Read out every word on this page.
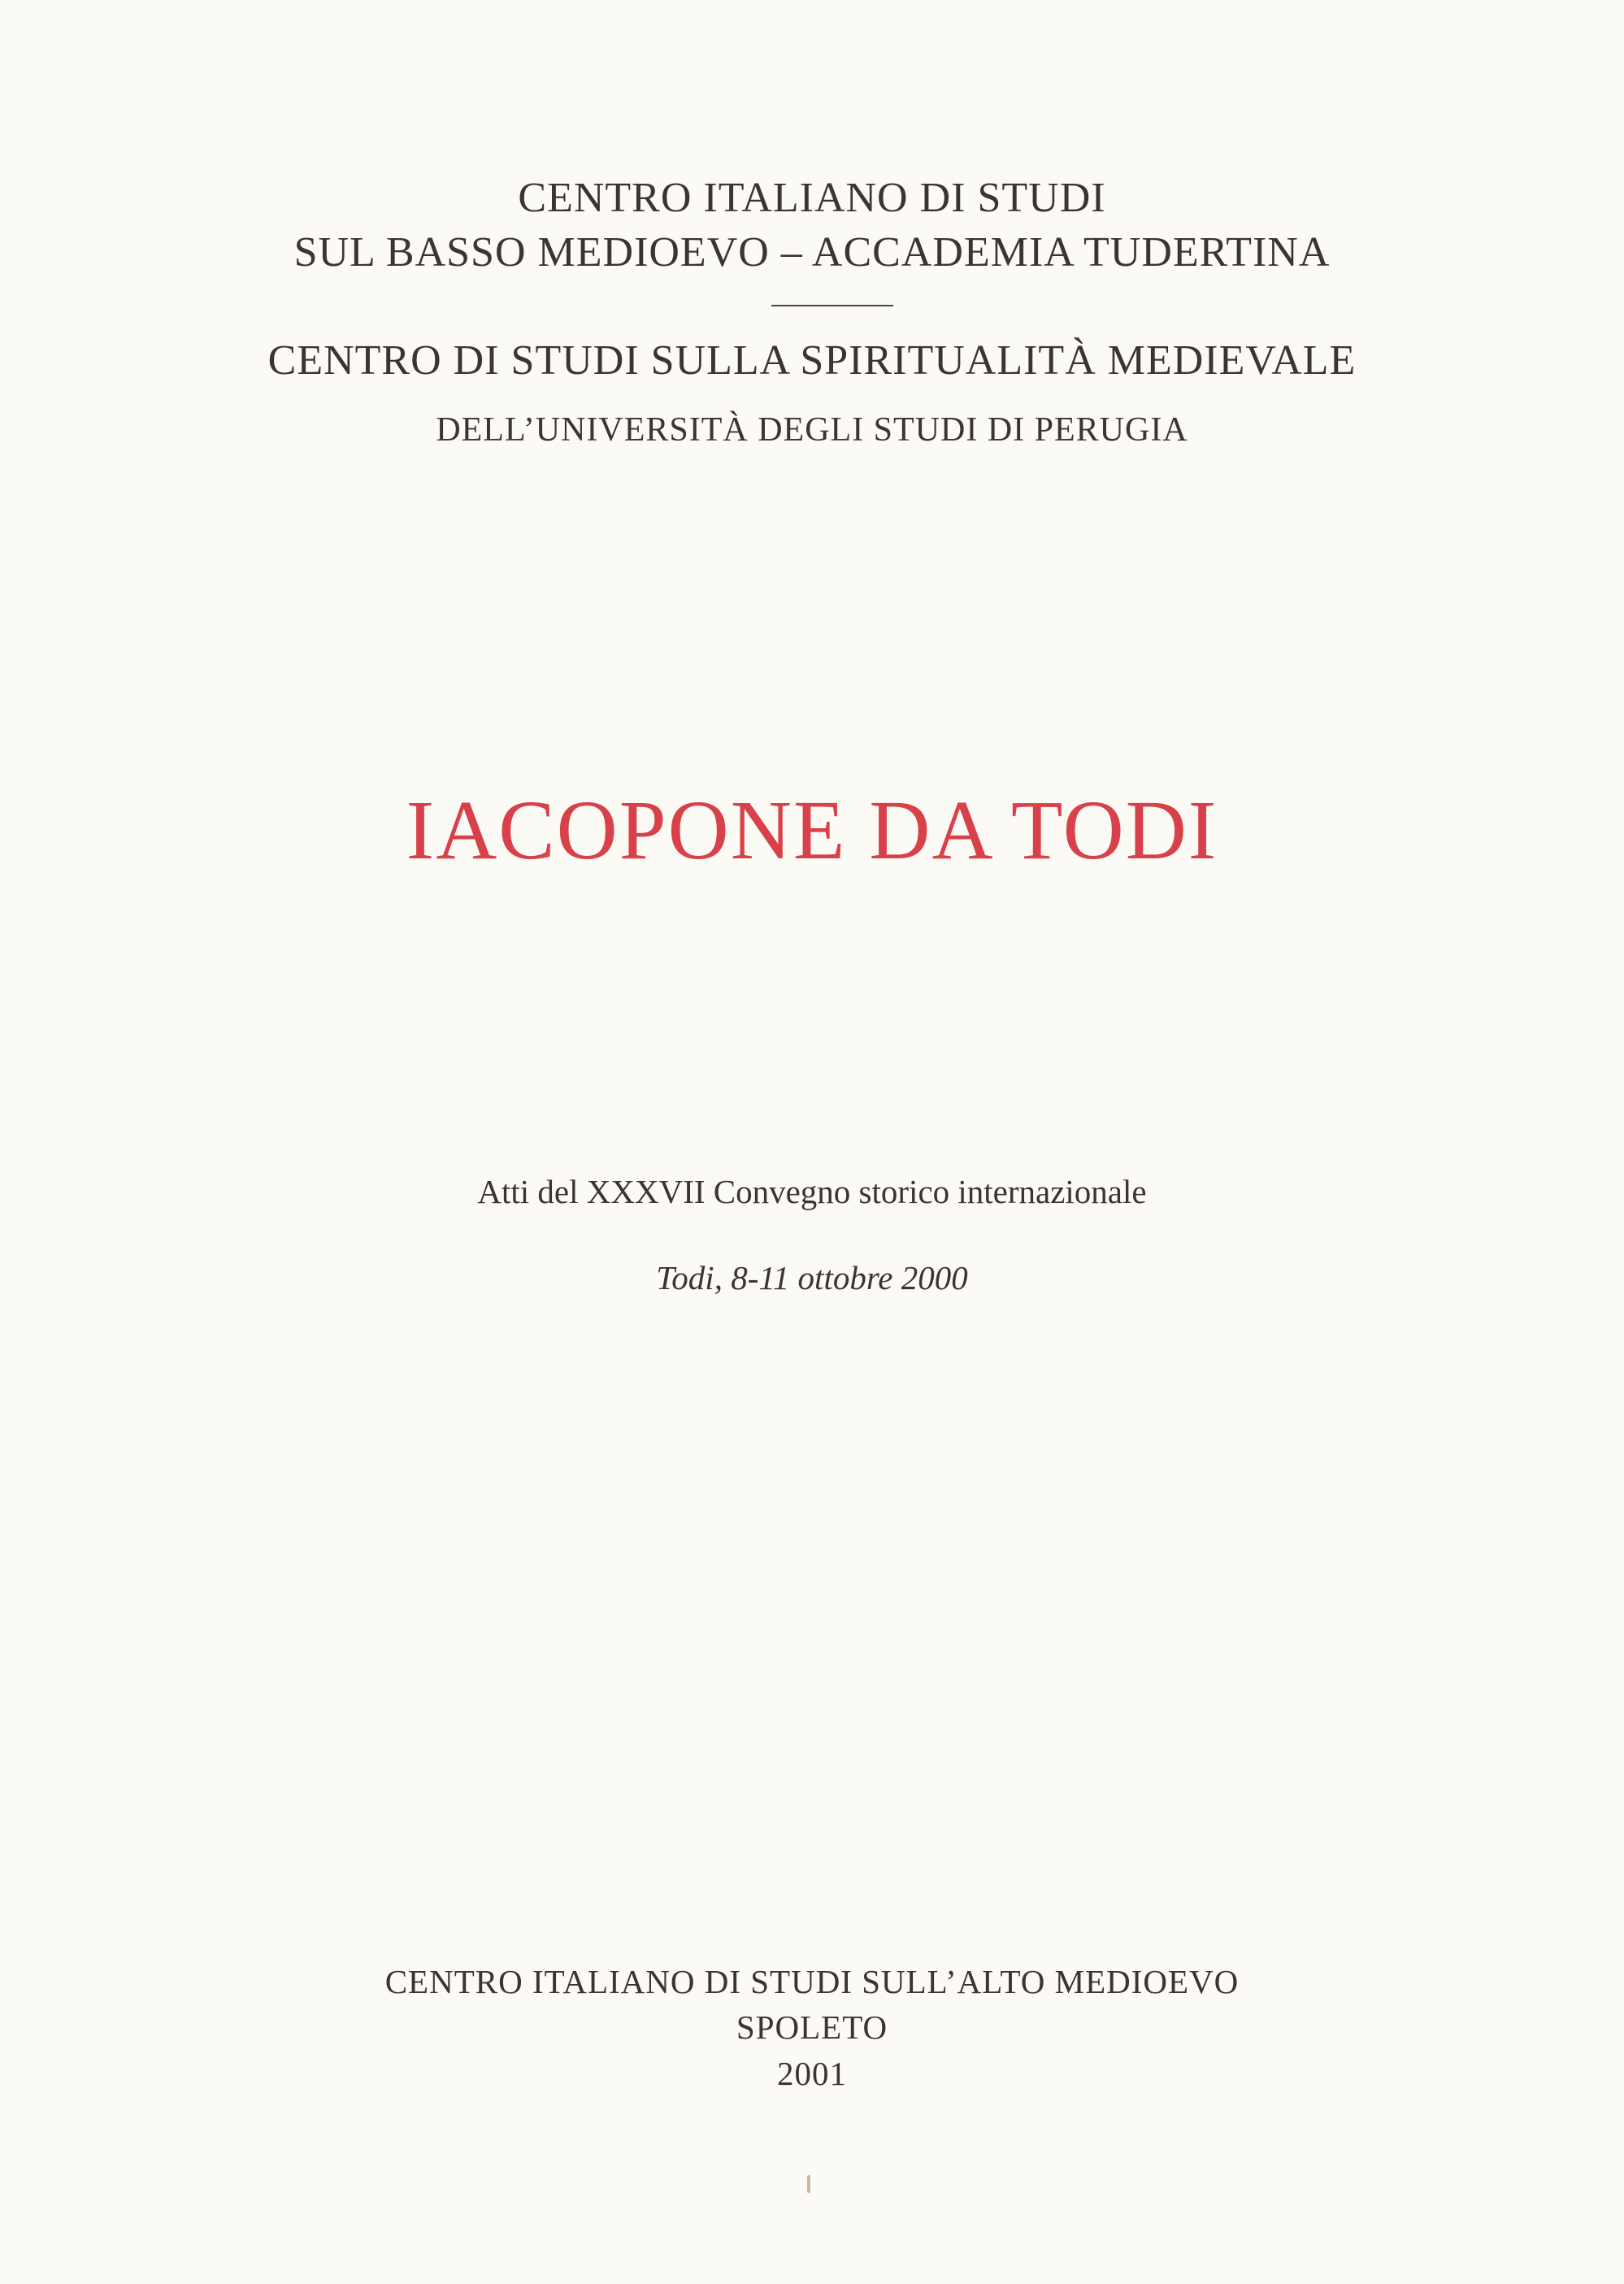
CENTRO ITALIANO DI STUDI
SUL BASSO MEDIOEVO – ACCADEMIA TUDERTINA
CENTRO DI STUDI SULLA SPIRITUALITÀ MEDIEVALE
DELL’UNIVERSITÀ DEGLI STUDI DI PERUGIA
IACOPONE DA TODI
Atti del XXXVII Convegno storico internazionale
Todi, 8-11 ottobre 2000
CENTRO ITALIANO DI STUDI SULL’ALTO MEDIOEVO
SPOLETO
2001
